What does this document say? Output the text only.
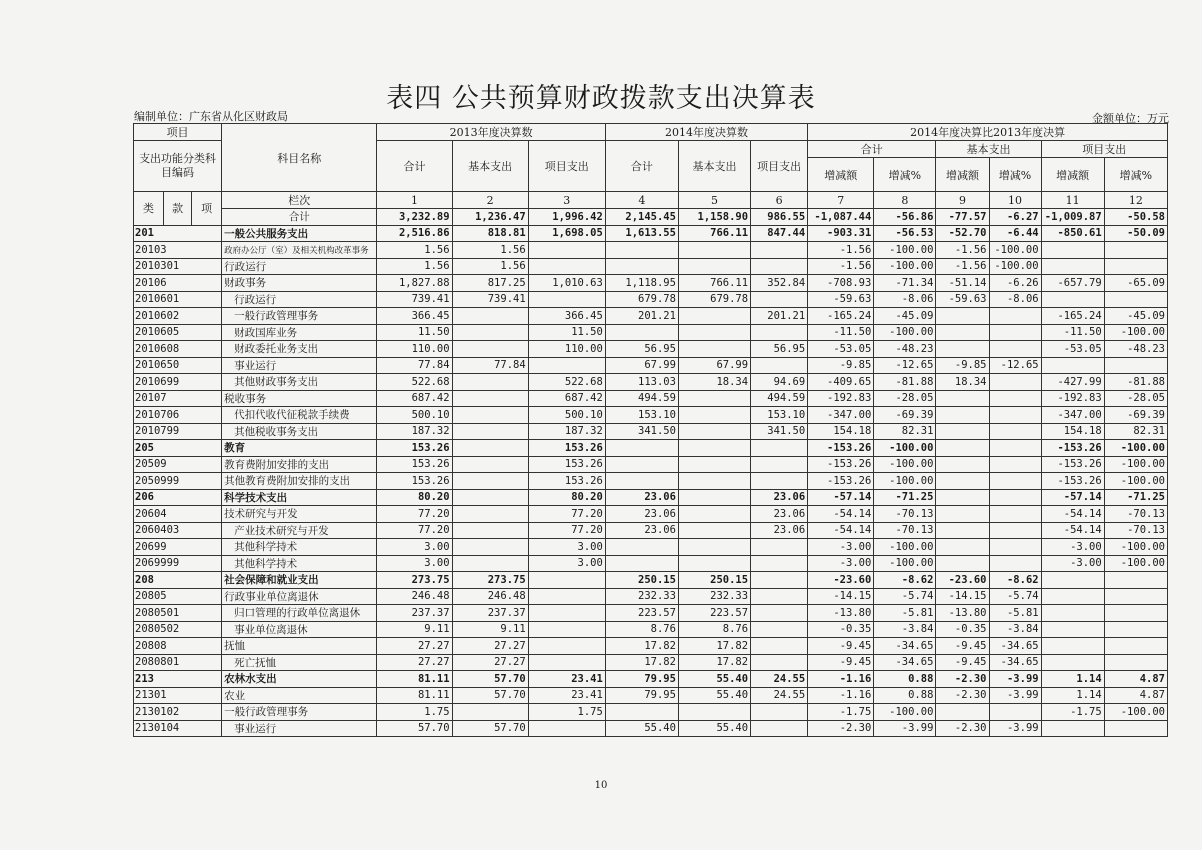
表四 公共预算财政拨款支出决算表
编制单位：广东省从化区财政局	金额单位：万元
项目			科目名称	2013年度决算数			2014年度决算数			2014年度决算比2013年度决算					
支出功能分类科目编码				合计	基本支出	项目支出	合计	基本支出	项目支出	合计		基本支出		项目支出	
										增减额	增减%	增减额	增减%	增减额	增减%
类	款	项	栏次	1	2	3	4	5	6	7	8	9	10	11	12
			合计	3,232.89	1,236.47	1,996.42	2,145.45	1,158.90	986.55	-1,087.44	-56.86	-77.57	-6.27	-1,009.87	-50.58
201			一般公共服务支出	2,516.86	818.81	1,698.05	1,613.55	766.11	847.44	-903.31	-56.53	-52.70	-6.44	-850.61	-50.09
20103			政府办公厅（室）及相关机构改革事务	1.56	1.56					-1.56	-100.00	-1.56	-100.00		
2010301			行政运行	1.56	1.56					-1.56	-100.00	-1.56	-100.00		
20106			财政事务	1,827.88	817.25	1,010.63	1,118.95	766.11	352.84	-708.93	-71.34	-51.14	-6.26	-657.79	-65.09
2010601			行政运行	739.41	739.41		679.78	679.78		-59.63	-8.06	-59.63	-8.06		
2010602			一般行政管理事务	366.45		366.45	201.21		201.21	-165.24	-45.09			-165.24	-45.09
2010605			财政国库业务	11.50		11.50				-11.50	-100.00			-11.50	-100.00
2010608			财政委托业务支出	110.00		110.00	56.95		56.95	-53.05	-48.23			-53.05	-48.23
2010650			事业运行	77.84	77.84		67.99	67.99		-9.85	-12.65	-9.85	-12.65		
2010699			其他财政事务支出	522.68		522.68	113.03	18.34	94.69	-409.65	-81.88	18.34		-427.99	-81.88
20107			税收事务	687.42		687.42	494.59		494.59	-192.83	-28.05			-192.83	-28.05
2010706			代扣代收代征税款手续费	500.10		500.10	153.10		153.10	-347.00	-69.39			-347.00	-69.39
2010799			其他税收事务支出	187.32		187.32	341.50		341.50	154.18	82.31			154.18	82.31
205			教育	153.26		153.26				-153.26	-100.00			-153.26	-100.00
20509			教育费附加安排的支出	153.26		153.26				-153.26	-100.00			-153.26	-100.00
2050999			其他教育费附加安排的支出	153.26		153.26				-153.26	-100.00			-153.26	-100.00
206			科学技术支出	80.20		80.20	23.06		23.06	-57.14	-71.25			-57.14	-71.25
20604			技术研究与开发	77.20		77.20	23.06		23.06	-54.14	-70.13			-54.14	-70.13
2060403			产业技术研究与开发	77.20		77.20	23.06		23.06	-54.14	-70.13			-54.14	-70.13
20699			其他科学持术	3.00		3.00				-3.00	-100.00			-3.00	-100.00
2069999			其他科学持术	3.00		3.00				-3.00	-100.00			-3.00	-100.00
208			社会保障和就业支出	273.75	273.75		250.15	250.15		-23.60	-8.62	-23.60	-8.62		
20805			行政事业单位离退休	246.48	246.48		232.33	232.33		-14.15	-5.74	-14.15	-5.74		
2080501			归口管理的行政单位离退休	237.37	237.37		223.57	223.57		-13.80	-5.81	-13.80	-5.81		
2080502			事业单位离退休	9.11	9.11		8.76	8.76		-0.35	-3.84	-0.35	-3.84		
20808			抚恤	27.27	27.27		17.82	17.82		-9.45	-34.65	-9.45	-34.65		
2080801			死亡抚恤	27.27	27.27		17.82	17.82		-9.45	-34.65	-9.45	-34.65		
213			农林水支出	81.11	57.70	23.41	79.95	55.40	24.55	-1.16	0.88	-2.30	-3.99	1.14	4.87
21301			农业	81.11	57.70	23.41	79.95	55.40	24.55	-1.16	0.88	-2.30	-3.99	1.14	4.87
2130102			一般行政管理事务	1.75		1.75				-1.75	-100.00			-1.75	-100.00
2130104			事业运行	57.70	57.70		55.40	55.40		-2.30	-3.99	-2.30	-3.99		
10
